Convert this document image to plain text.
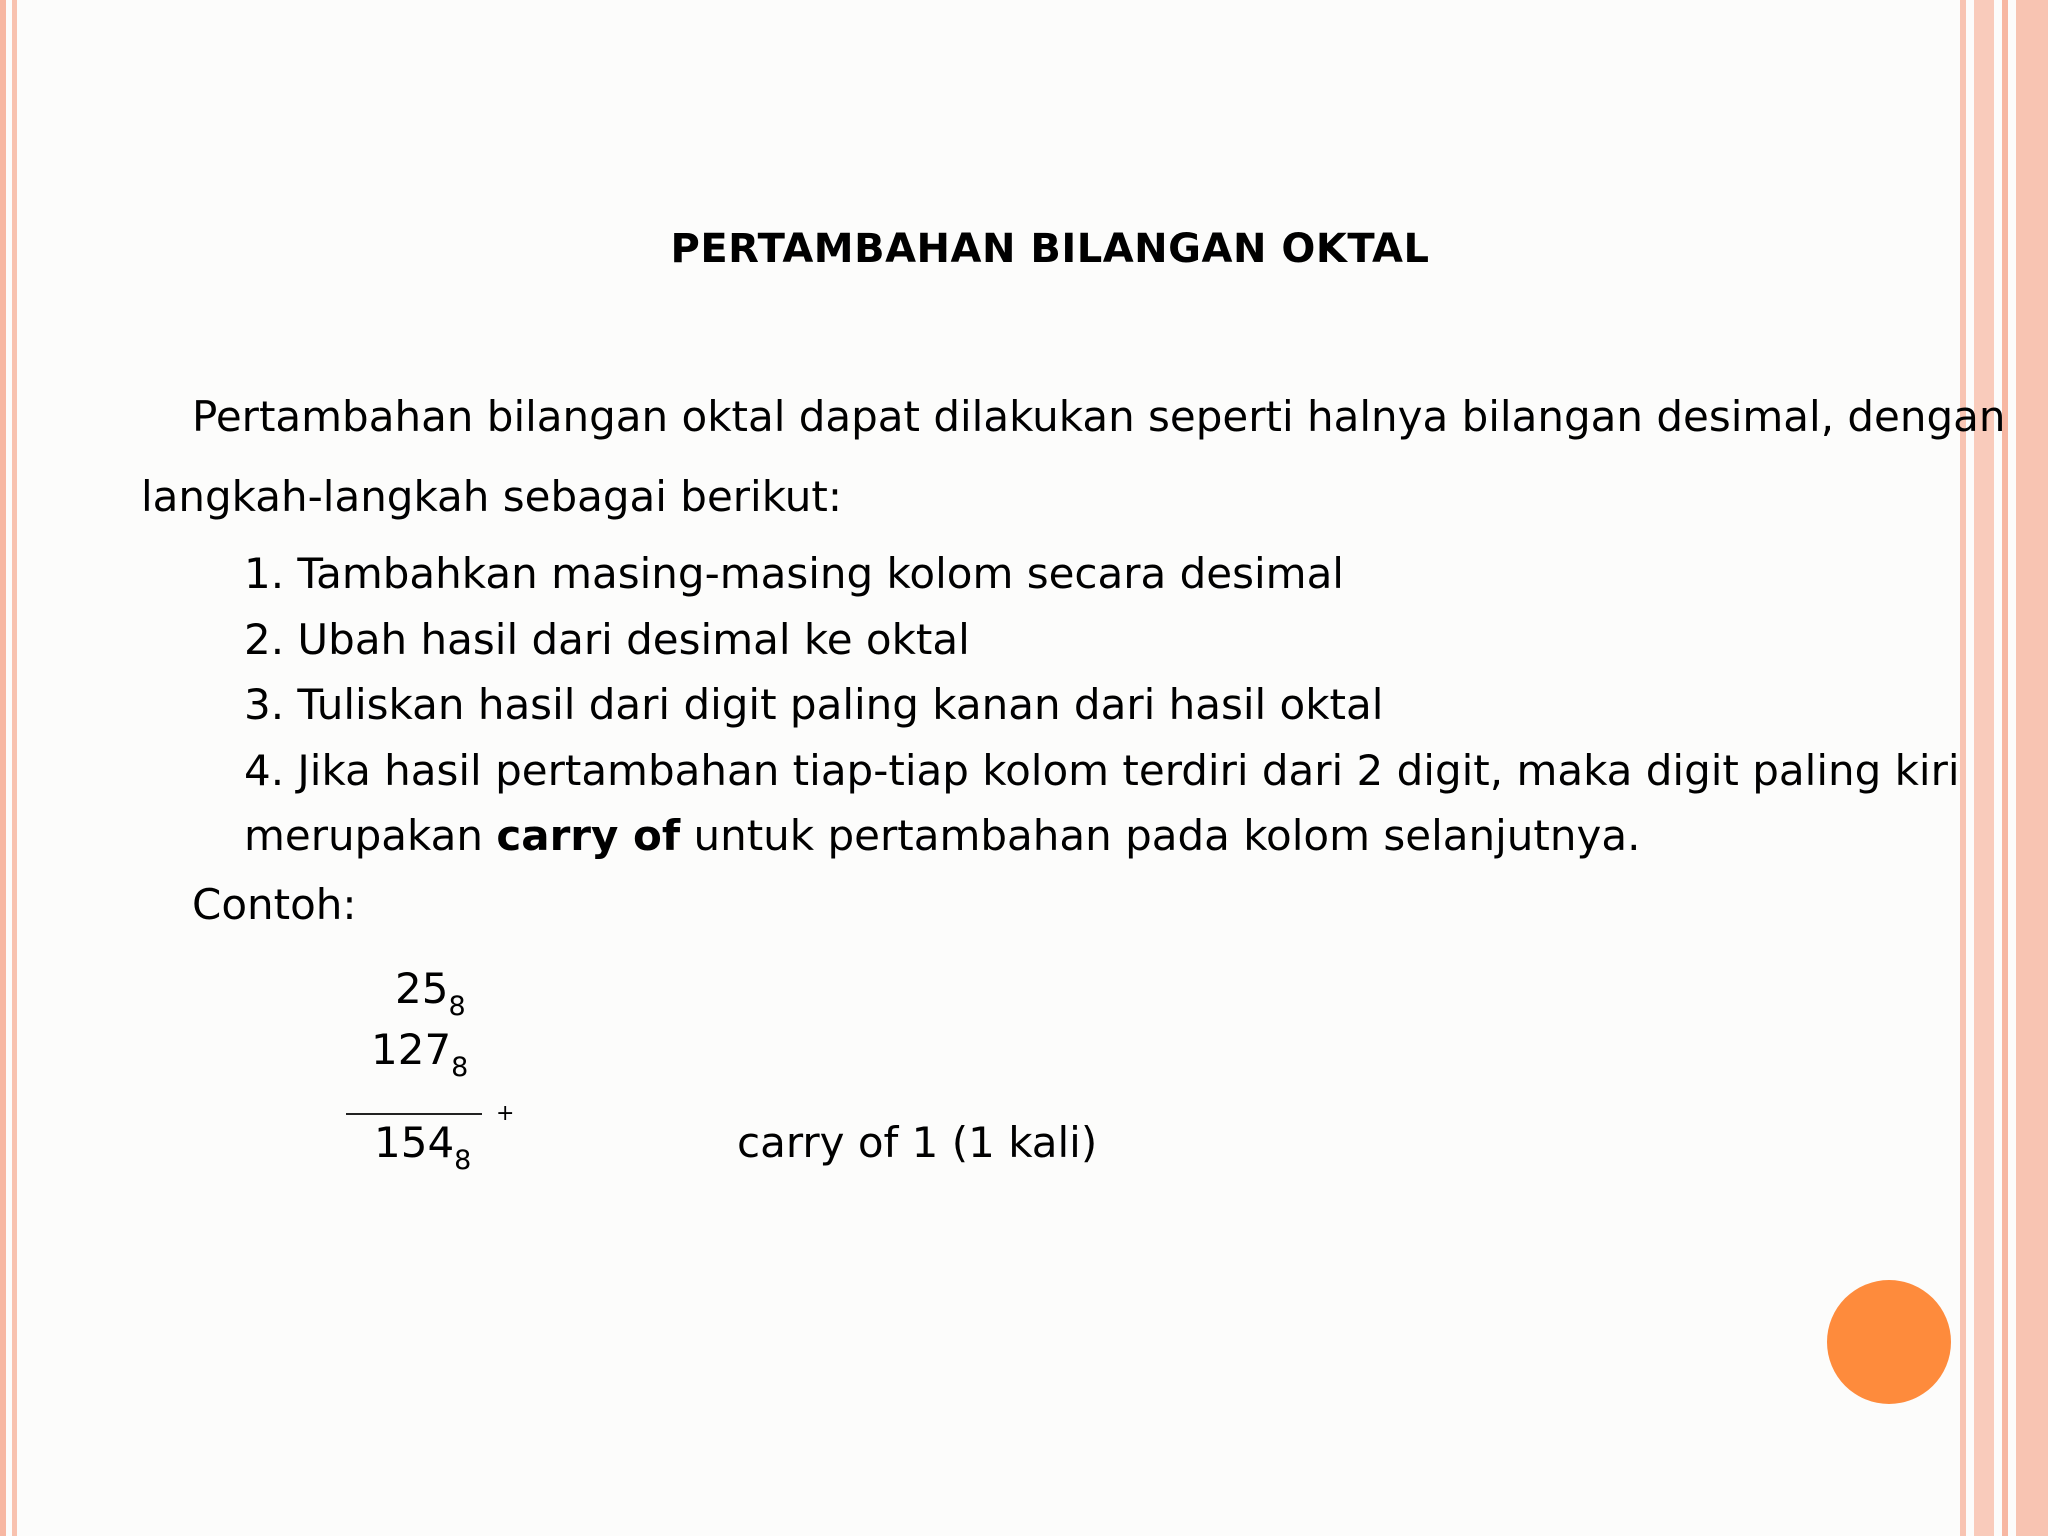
PERTAMBAHAN BILANGAN OKTAL
Pertambahan bilangan oktal dapat dilakukan seperti halnya bilangan desimal, dengan
langkah-langkah sebagai berikut:
1. Tambahkan masing-masing kolom secara desimal
2. Ubah hasil dari desimal ke oktal
3. Tuliskan hasil dari digit paling kanan dari hasil oktal
4. Jika hasil pertambahan tiap-tiap kolom terdiri dari 2 digit, maka digit paling kiri
merupakan carry of untuk pertambahan pada kolom selanjutnya.
Contoh:
$25_8$
$127_8$
+
$154_8$	carry of 1 (1 kali)
